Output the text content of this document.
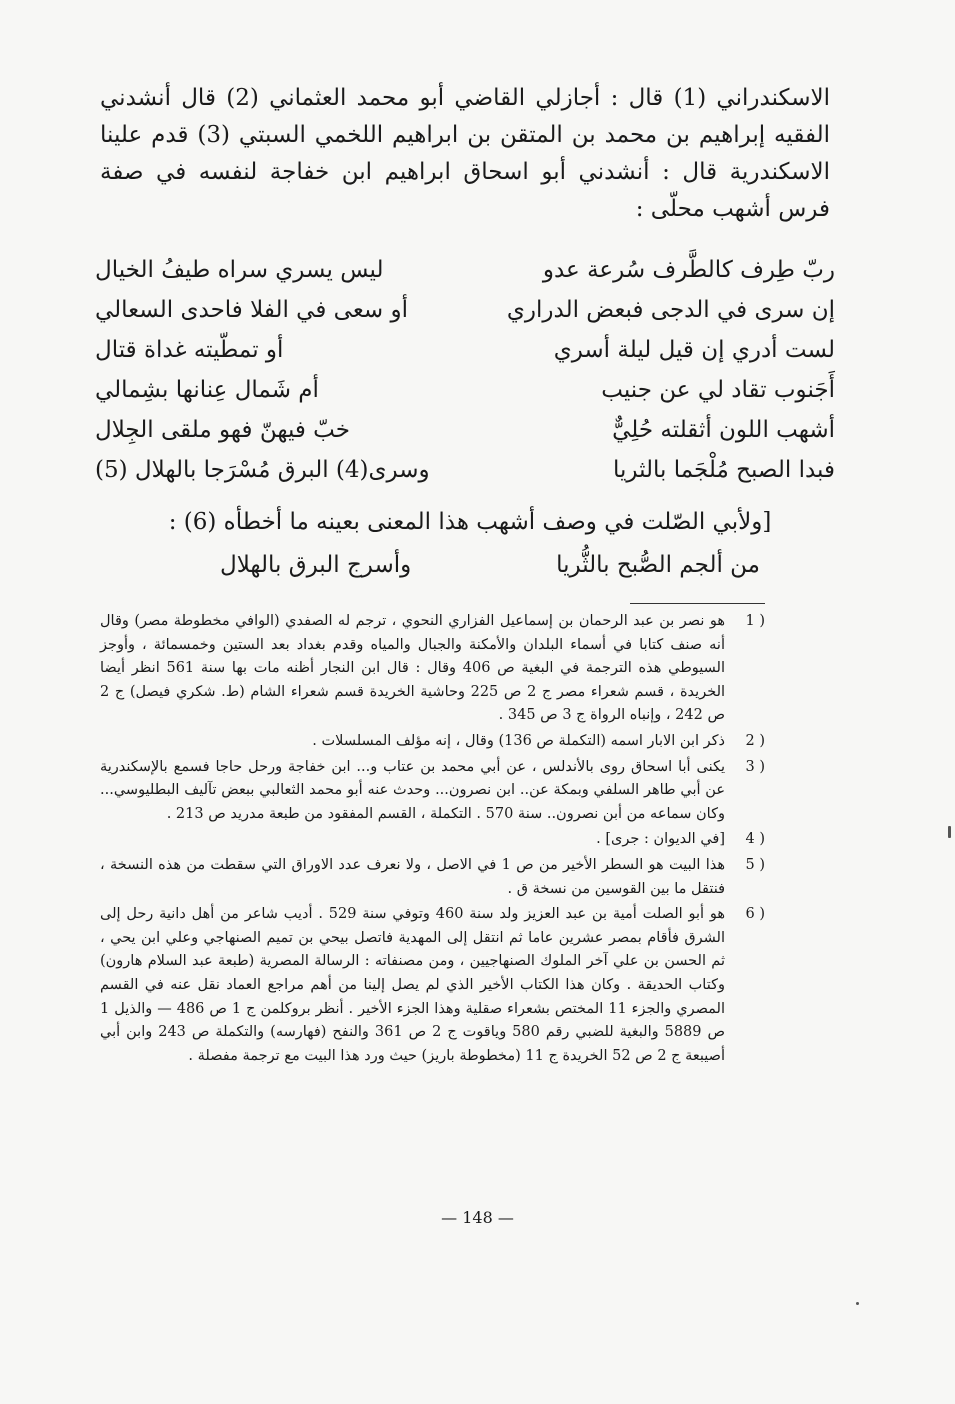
الاسكندراني (1) قال : أجازلي القاضي أبو محمد العثماني (2) قال أنشدني الفقيه إبراهيم بن محمد بن المتقن بن ابراهيم اللخمي السبتي (3) قدم علينا الاسكندرية قال : أنشدني أبو اسحاق ابراهيم ابن خفاجة لنفسه في صفة فرس أشهب محلّى :

ربّ طِرف كالطَّرف سُرعة عدو
ليس يسري سراه طيفُ الخيال
إن سرى في الدجى فبعض الدراري
أو سعى في الفلا فاحدى السعالي
لست أدري إن قيل ليلة أسري
أو تمطّيته غداة قتال
أَجَنوب تقاد لي عن جنيب
أم شَمال عِنانها بشِمالي
أشهب اللون أثقلته حُلِيٌّ
خبّ فيهنّ فهو ملقى الجِلال
فبدا الصبح مُلْجَما بالثريا
وسرى(4) البرق مُسْرَجا بالهلال (5)
[ولأبي الصّلت في وصف أشهب هذا المعنى بعينه ما أخطأه (6) :
من ألجم الصُّبح بالثُّريا
وأسرج البرق بالهلال
1 )
هو نصر بن عبد الرحمان بن إسماعيل الفزاري النحوي ، ترجم له الصفدي (الوافي مخطوطة مصر) وقال أنه صنف كتابا في أسماء البلدان والأمكنة والجبال والمياه وقدم بغداد بعد الستين وخمسمائة ، وأوجز السيوطي هذه الترجمة في البغية ص 406 وقال : قال ابن النجار أظنه مات بها سنة 561 انظر أيضا الخريدة ، قسم شعراء مصر ج 2 ص 225 وحاشية الخريدة قسم شعراء الشام (ط. شكري فيصل) ج 2 ص 242 ، وإنباه الرواة ج 3 ص 345 .
2 )
ذكر ابن الابار اسمه (التكملة ص 136) وقال ، إنه مؤلف المسلسلات .
3 )
يكنى أبا اسحاق روى بالأندلس ، عن أبي محمد بن عتاب و... ابن خفاجة ورحل حاجا فسمع بالإسكندرية عن أبي طاهر السلفي وبمكة عن.. ابن نصرون... وحدث عنه أبو محمد الثعالبي ببعض تآليف البطليوسي... وكان سماعه من أبن نصرون.. سنة 570 . التكملة ، القسم المفقود من طبعة مدريد ص 213 .
4 )
[في الديوان : جرى] .
5 )
هذا البيت هو السطر الأخير من ص 1 في الاصل ، ولا نعرف عدد الاوراق التي سقطت من هذه النسخة ، فنتقل ما بين القوسين من نسخة ق .
6 )
هو أبو الصلت أمية بن عبد العزيز ولد سنة 460 وتوفي سنة 529 . أديب شاعر من أهل دانية رحل إلى الشرق فأقام بمصر عشرين عاما ثم انتقل إلى المهدية فاتصل بيحي بن تميم الصنهاجي وعلي ابن يحي ، ثم الحسن بن علي آخر الملوك الصنهاجيين ، ومن مصنفاته : الرسالة المصرية (طبعة عبد السلام هارون) وكتاب الحديقة . وكان هذا الكتاب الأخير الذي لم يصل إلينا من أهم مراجع العماد نقل عنه في القسم المصري والجزء 11 المختص بشعراء صقلية وهذا الجزء الأخير . أنظر بروكلمن ج 1 ص 486 — والذيل 1 ص 5889 والبغية للضبي رقم 580 وياقوت ج 2 ص 361 والنفح (فهارسه) والتكملة ص 243 وابن أبي أصيبعة ج 2 ص 52 الخريدة ج 11 (مخطوطة باريز) حيث ورد هذا البيت مع ترجمة مفصلة .
— 148 —
